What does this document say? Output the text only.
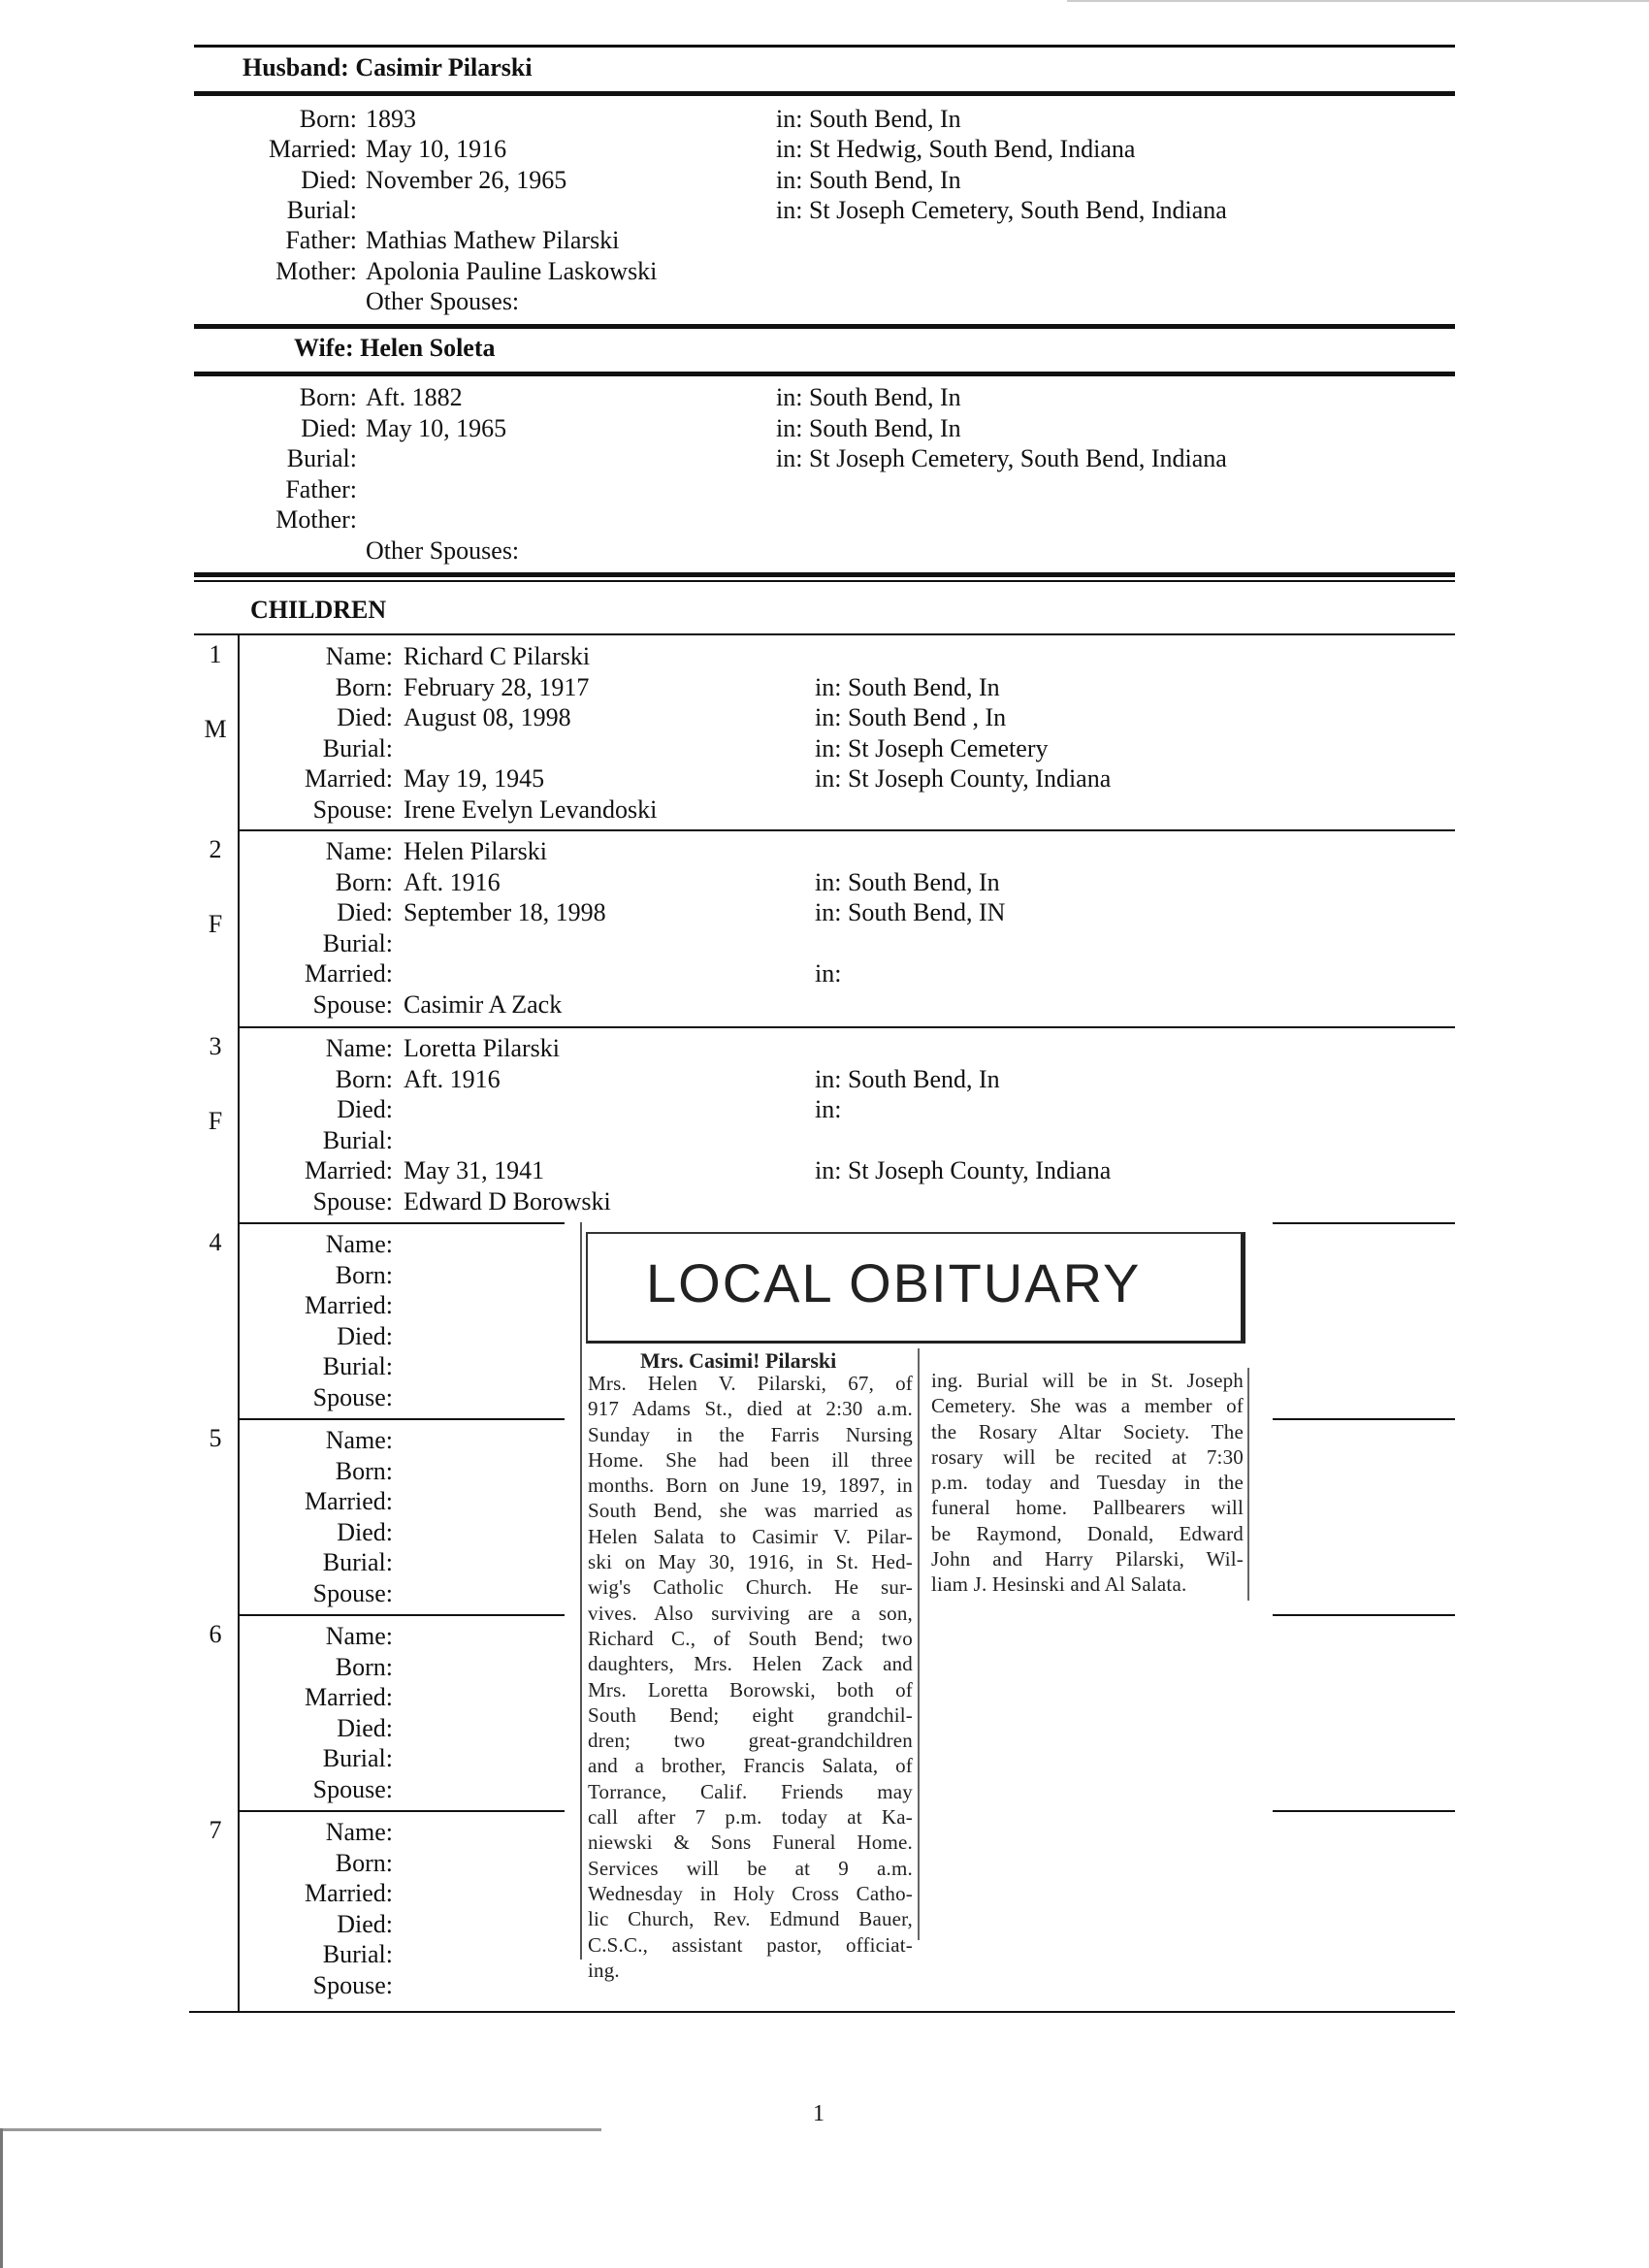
Husband: Casimir Pilarski
Born: 1893	in: South Bend, In
Married: May 10, 1916	in: St Hedwig, South Bend, Indiana
Died: November 26, 1965	in: South Bend, In
Burial:	in: St Joseph Cemetery, South Bend, Indiana
Father: Mathias Mathew Pilarski
Mother: Apolonia Pauline Laskowski
Other Spouses:
Wife: Helen Soleta
Born: Aft. 1882	in: South Bend, In
Died: May 10, 1965	in: South Bend, In
Burial:	in: St Joseph Cemetery, South Bend, Indiana
Father:
Mother:
Other Spouses:
CHILDREN
1
M
Name: Richard C Pilarski
Born: February 28, 1917	in: South Bend, In
Died: August 08, 1998	in: South Bend , In
Burial:	in: St Joseph Cemetery
Married: May 19, 1945	in: St Joseph County, Indiana
Spouse: Irene Evelyn Levandoski
2
F
Name: Helen Pilarski
Born: Aft. 1916	in: South Bend, In
Died: September 18, 1998	in: South Bend, IN
Burial:
Married:	in:
Spouse: Casimir A Zack
3
F
Name: Loretta Pilarski
Born: Aft. 1916	in: South Bend, In
Died:	in:
Burial:
Married: May 31, 1941	in: St Joseph County, Indiana
Spouse: Edward D Borowski
4	Name:
Born:
Married:
Died:
Burial:
Spouse:
5	Name:
Born:
Married:
Died:
Burial:
Spouse:
6	Name:
Born:
Married:
Died:
Burial:
Spouse:
7	Name:
Born:
Married:
Died:
Burial:
Spouse:
LOCAL OBITUARY
Mrs. Casimi! Pilarski
Mrs. Helen V. Pilarski, 67, of
917 Adams St., died at 2:30 a.m.
Sunday in the Farris Nursing
Home. She had been ill three
months. Born on June 19, 1897, in
South Bend, she was married as
Helen Salata to Casimir V. Pilar-
ski on May 30, 1916, in St. Hed-
wig's Catholic Church. He sur-
vives. Also surviving are a son,
Richard C., of South Bend; two
daughters, Mrs. Helen Zack and
Mrs. Loretta Borowski, both of
South Bend; eight grandchil-
dren; two great-grandchildren
and a brother, Francis Salata, of
Torrance, Calif. Friends may
call after 7 p.m. today at Ka-
niewski & Sons Funeral Home.
Services will be at 9 a.m.
Wednesday in Holy Cross Catho-
lic Church, Rev. Edmund Bauer,
C.S.C., assistant pastor, officiat-
ing.
ing. Burial will be in St. Joseph
Cemetery. She was a member of
the Rosary Altar Society. The
rosary will be recited at 7:30
p.m. today and Tuesday in the
funeral home. Pallbearers will
be Raymond, Donald, Edward
John and Harry Pilarski, Wil-
liam J. Hesinski and Al Salata.
1
